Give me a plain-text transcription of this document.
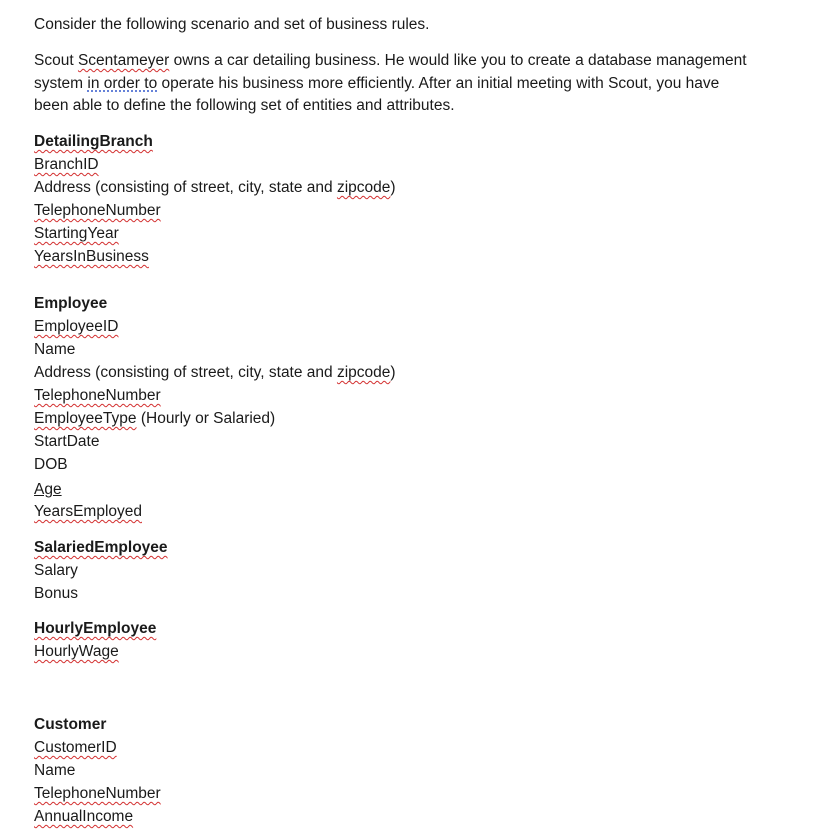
Consider the following scenario and set of business rules.
Scout Scentameyer owns a car detailing business. He would like you to create a database management
system in order to operate his business more efficiently. After an initial meeting with Scout, you have
been able to define the following set of entities and attributes.
DetailingBranch
BranchID
Address (consisting of street, city, state and zipcode)
TelephoneNumber
StartingYear
YearsInBusiness
Employee
EmployeeID
Name
Address (consisting of street, city, state and zipcode)
TelephoneNumber
EmployeeType (Hourly or Salaried)
StartDate
DOB
Age
YearsEmployed
SalariedEmployee
Salary
Bonus
HourlyEmployee
HourlyWage
Customer
CustomerID
Name
TelephoneNumber
AnnualIncome
